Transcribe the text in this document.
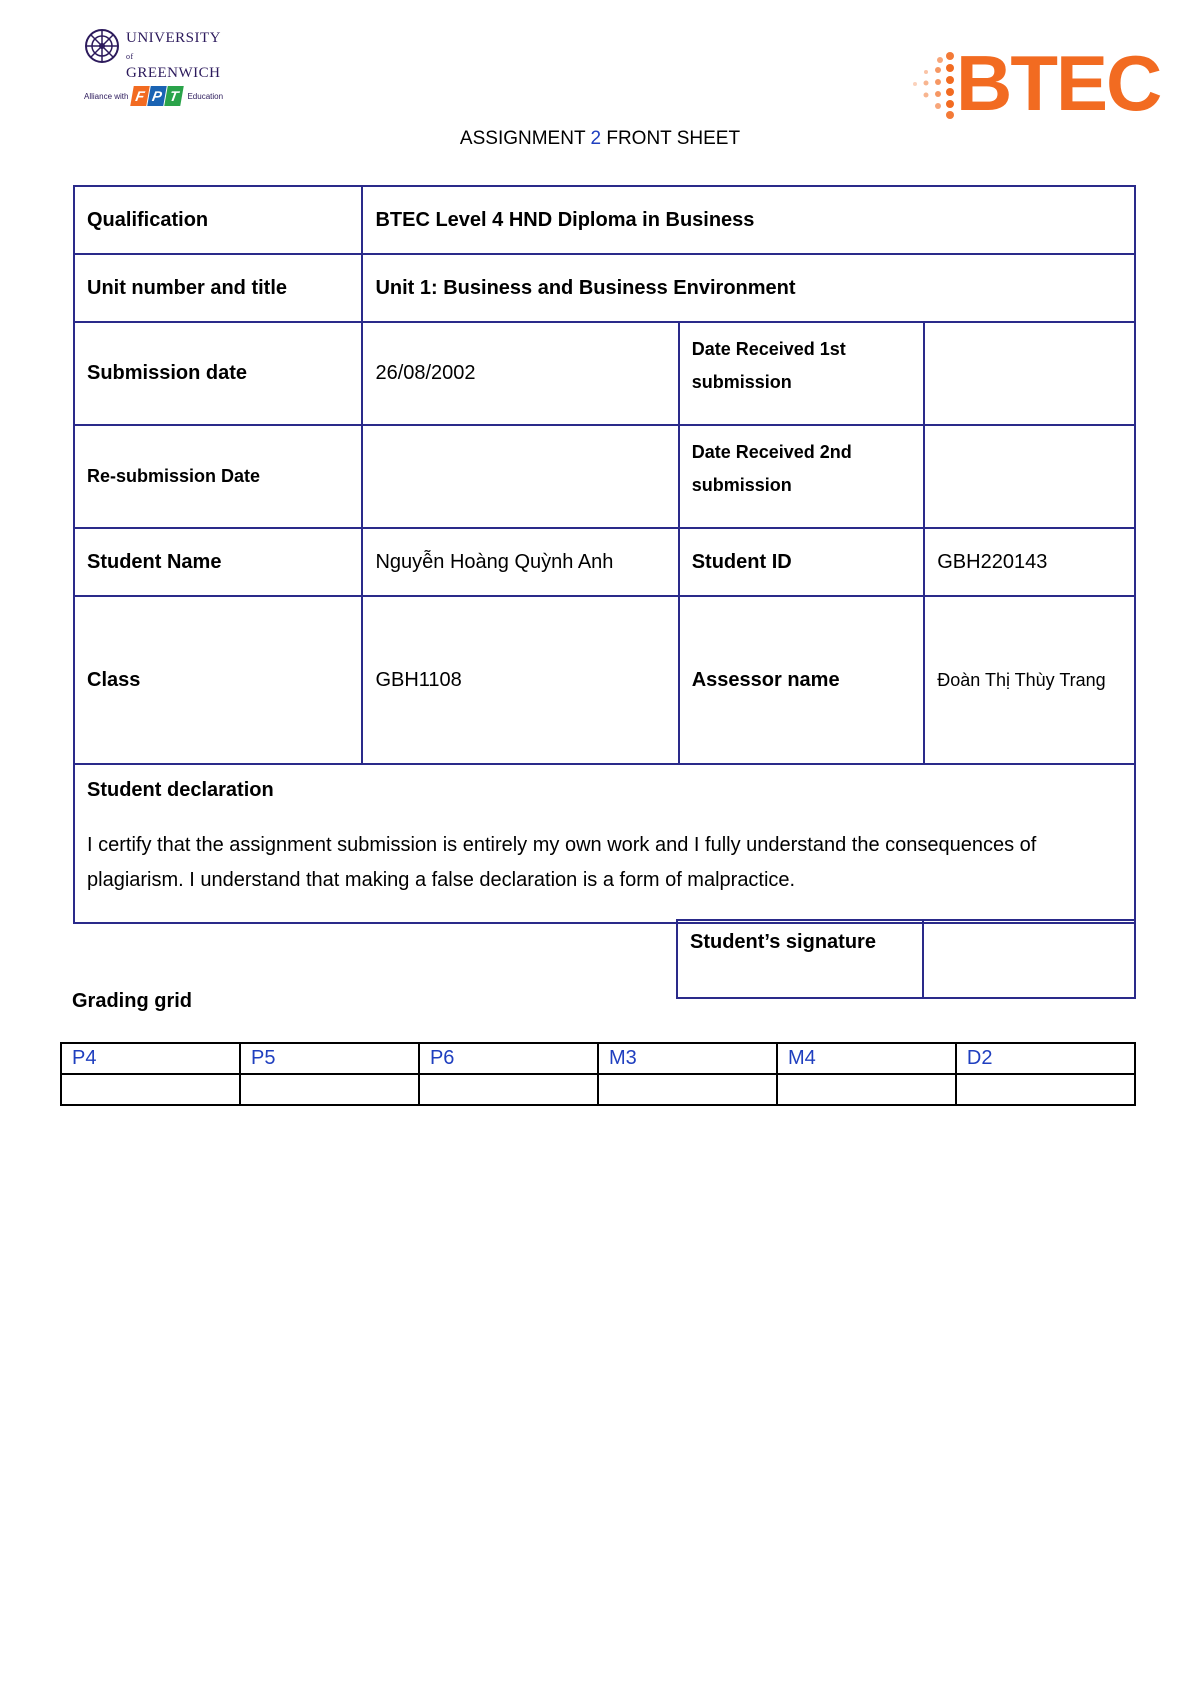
UNIVERSITY
of
GREENWICH
Alliance with F P T Education	BTEC
ASSIGNMENT 2 FRONT SHEET
Qualification	BTEC Level 4 HND Diploma in Business		
Unit number and title	Unit 1: Business and Business Environment		
Submission date	26/08/2002	Date Received 1st submission	
Re-submission Date		Date Received 2nd submission	
Student Name	Nguyễn Hoàng Quỳnh Anh	Student ID	GBH220143
Class	GBH1108	Assessor name	Đoàn Thị Thùy Trang

Student declaration
I certify that the assignment submission is entirely my own work and I fully understand the consequences of plagiarism. I understand that making a false declaration is a form of malpractice.			
Student’s signature	
Grading grid
P4	P5	P6	M3	M4	D2
